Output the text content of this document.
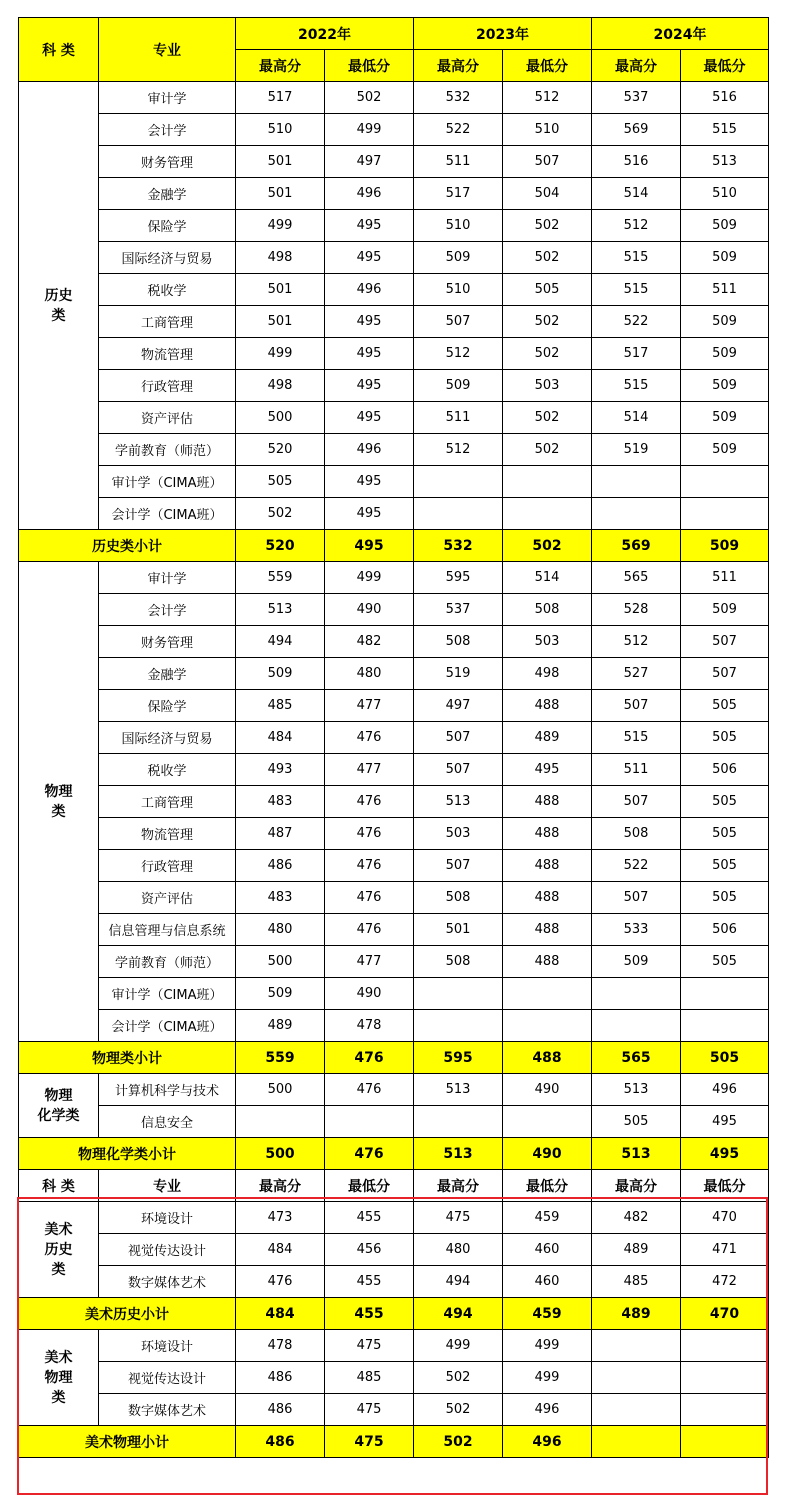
科 类	专业	2022年		2023年		2024年	
		最高分	最低分	最高分	最低分	最高分	最低分
历史
类	审计学	517	502	532	512	537	516
	会计学	510	499	522	510	569	515
	财务管理	501	497	511	507	516	513
	金融学	501	496	517	504	514	510
	保险学	499	495	510	502	512	509
	国际经济与贸易	498	495	509	502	515	509
	税收学	501	496	510	505	515	511
	工商管理	501	495	507	502	522	509
	物流管理	499	495	512	502	517	509
	行政管理	498	495	509	503	515	509
	资产评估	500	495	511	502	514	509
	学前教育（师范）	520	496	512	502	519	509
	审计学（CIMA班）	505	495				
	会计学（CIMA班）	502	495				
历史类小计		520	495	532	502	569	509
物理
类	审计学	559	499	595	514	565	511
	会计学	513	490	537	508	528	509
	财务管理	494	482	508	503	512	507
	金融学	509	480	519	498	527	507
	保险学	485	477	497	488	507	505
	国际经济与贸易	484	476	507	489	515	505
	税收学	493	477	507	495	511	506
	工商管理	483	476	513	488	507	505
	物流管理	487	476	503	488	508	505
	行政管理	486	476	507	488	522	505
	资产评估	483	476	508	488	507	505
	信息管理与信息系统	480	476	501	488	533	506
	学前教育（师范）	500	477	508	488	509	505
	审计学（CIMA班）	509	490				
	会计学（CIMA班）	489	478				
物理类小计		559	476	595	488	565	505
物理
化学类	计算机科学与技术	500	476	513	490	513	496
	信息安全					505	495
物理化学类小计		500	476	513	490	513	495
科 类	专业	最高分	最低分	最高分	最低分	最高分	最低分
美术
历史
类	环境设计	473	455	475	459	482	470
	视觉传达设计	484	456	480	460	489	471
	数字媒体艺术	476	455	494	460	485	472
美术历史小计		484	455	494	459	489	470
美术
物理
类	环境设计	478	475	499	499		
	视觉传达设计	486	485	502	499		
	数字媒体艺术	486	475	502	496		
美术物理小计		486	475	502	496		
